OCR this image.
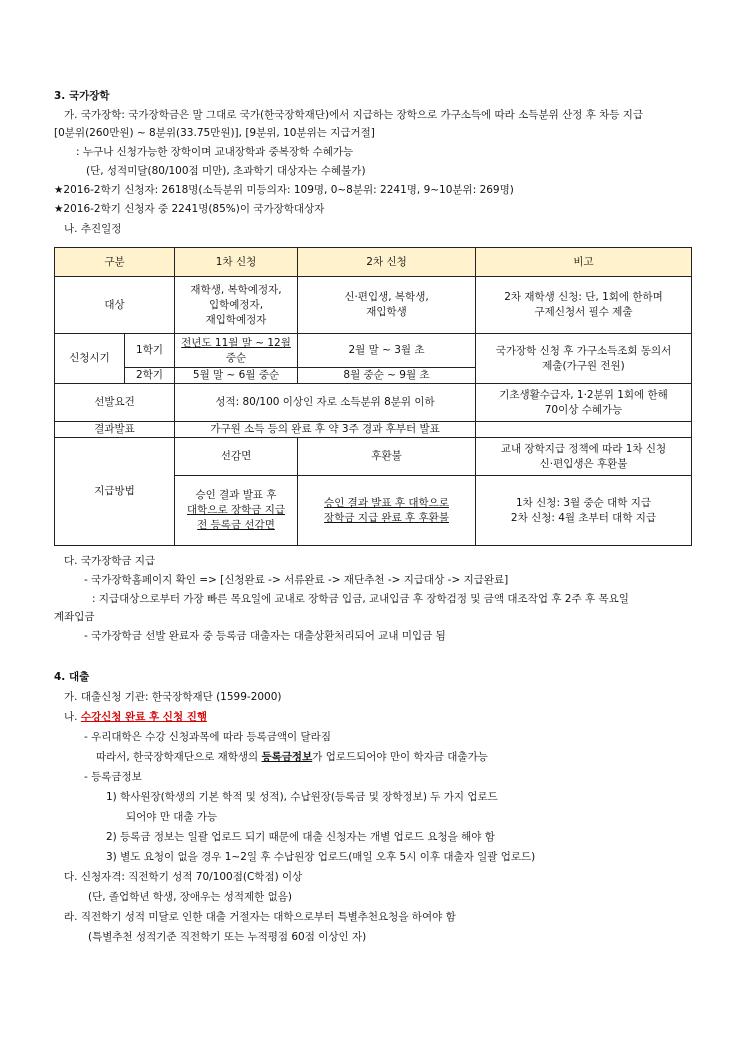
3. 국가장학
가. 국가장학: 국가장학금은 말 그대로 국가(한국장학재단)에서 지급하는 장학으로 가구소득에 따라 소득분위 산정 후 차등 지급
[0분위(260만원) ~ 8분위(33.75만원)], [9분위, 10분위는 지급거절]
: 누구나 신청가능한 장학이며 교내장학과 중복장학 수혜가능
(단, 성적미달(80/100점 미만), 초과학기 대상자는 수혜불가)
★2016-2학기 신청자: 2618명(소득분위 미등의자: 109명, 0~8분위: 2241명, 9~10분위: 269명)
★2016-2학기 신청자 중 2241명(85%)이 국가장학대상자
나. 추진일정
구분		1차 신청	2차 신청	비고
대상		재학생, 복학예정자,
입학예정자,
재입학예정자	신·편입생, 복학생,
재입학생	2차 재학생 신청: 단, 1회에 한하며
구제신청서 필수 제출

신청시기	1학기	전년도 11월 말 ~ 12월
중순	2월 말 ~ 3월 초	국가장학 신청 후 가구소득조회 동의서
제출(가구원 전원)

	2학기	5월 말 ~ 6월 중순	8월 중순 ~ 9월 초	
선발요건		성적: 80/100 이상인 자로 소득분위 8분위 이하		기초생활수급자, 1·2분위 1회에 한해
70이상 수혜가능

결과발표		가구원 소득 등의 완료 후 약 3주 경과 후부터 발표		
지급방법		선감면	후환불	교내 장학지급 정책에 따라 1차 신청
신·편입생은 후환불

		승인 결과 발표 후
대학으로 장학금 지급
전 등록금 선감면	승인 결과 발표 후 대학으로
장학금 지급 완료 후 후환불	1차 신청: 3월 중순 대학 지급
2차 신청: 4월 초부터 대학 지급
다. 국가장학금 지급
- 국가장학홈페이지 확인 => [신청완료 -> 서류완료 -> 재단추천 -> 지급대상 -> 지급완료]
: 지급대상으로부터 가장 빠른 목요일에 교내로 장학금 입금, 교내입금 후 장학검정 및 금액 대조작업 후 2주 후 목요일
계좌입금
- 국가장학금 선발 완료자 중 등록금 대출자는 대출상환처리되어 교내 미입금 됨
4. 대출
가. 대출신청 기관: 한국장학재단 (1599-2000)
나. 수강신청 완료 후 신청 진행
- 우리대학은 수강 신청과목에 따라 등록금액이 달라짐
따라서, 한국장학재단으로 재학생의 등록금정보가 업로드되어야 만이 학자금 대출가능
- 등록금정보
1) 학사원장(학생의 기본 학적 및 성적), 수납원장(등록금 및 장학정보) 두 가지 업로드
되어야 만 대출 가능
2) 등록금 정보는 일괄 업로드 되기 때문에 대출 신청자는 개별 업로드 요청을 해야 함
3) 별도 요청이 없을 경우 1~2일 후 수납원장 업로드(매일 오후 5시 이후 대출자 일괄 업로드)
다. 신청자격: 직전학기 성적 70/100점(C학점) 이상
(단, 졸업학년 학생, 장애우는 성적제한 없음)
라. 직전학기 성적 미달로 인한 대출 거절자는 대학으로부터 특별추천요청을 하여야 함
(특별추천 성적기준 직전학기 또는 누적평점 60점 이상인 자)
